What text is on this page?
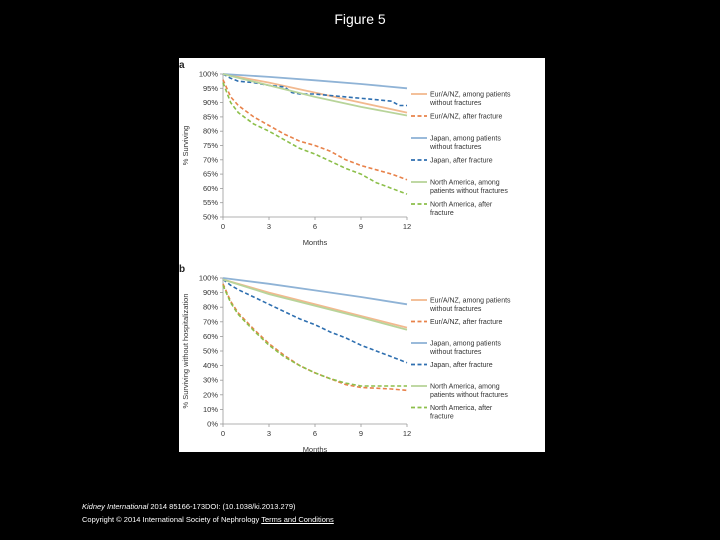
Figure 5
a
50%
55%
60%
65%
70%
75%
80%
85%
90%
95%
100%
0	3	6	9	12
Months
% Surviving
Eur/A/NZ, among patients without fractures
Eur/A/NZ, after fracture
Japan, among patients without fractures
Japan, after fracture
North America, among patients without fractures
North America, after fracture
b
0%
10%
20%
30%
40%
50%
60%
70%
80%
90%
100%
0	3	6	9	12
Months
% Surviving without hospitalization	Eur/A/NZ, among patients without fractures
Eur/A/NZ, after fracture
Japan, among patients without fractures
Japan, after fracture
North America, among patients without fractures
North America, after fracture
Kidney International 2014 85166-173DOI: (10.1038/ki.2013.279)
Copyright © 2014 International Society of Nephrology Terms and Conditions
